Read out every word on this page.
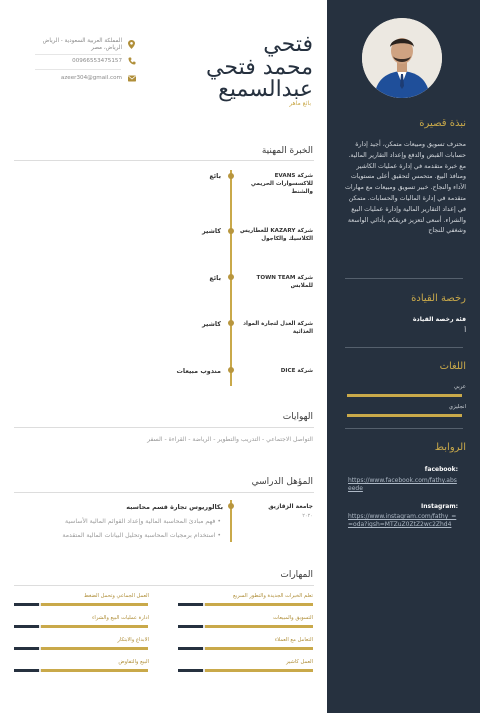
نبذة قصيرة
محترف تسويق ومبيعات متمكن، أجيد إدارة حسابات القبض والدفع وإعداد التقارير المالية. مع خبرة متقدمة في إدارة عمليات الكاشير ومنافذ البيع. متحمس لتحقيق أعلى مستويات الأداء والنجاح. خبير تسويق ومبيعات مع مهارات متقدمة في إدارة الماليات والحسابات. متمكن في إعداد التقارير المالية وإدارة عمليات البيع والشراء. أسعى لتعزيز فريقكم بأدائي الواسعة وشغفي للنجاح
رخصة القيادة
فئة رخصة القيادة
أ
اللغات
عربي
انجليزي
الروابط
facebook:
https://www.facebook.com/fathy.abseede
Instagram:
https://www.instagram.com/fathy_==oda?igsh=MTZuZ0ZtZ2wc2Zhd4
فتحي
محمد فتحي
عبدالسميع
بائع ماهر
المملكة العربية السعودية - الرياض
الرياض، مصر
00966553475157
azeer304@gmail.com
الخبرة المهنية
شركة EVANS للاكسسوارات الحريمي والشنط
بائع
شركة KAZARY للعطاريس الكلاسيك والكاجول
كاشير
شركة TOWN TEAM للملابس
بائع
شركة العدل لتجارة المواد الغذائية
كاشير
شركة DICE
مندوب مبيعات
الهوايات
التواصل الاجتماعي - التدريب والتطوير - الرياضة - القراءة - السفر
المؤهل الدراسي
جامعة الزقازيق
٢٠٢٠
بكالوريوس تجارة قسم محاسبه
• فهم مبادئ المحاسبة المالية وإعداد القوائم المالية الأساسية
• استخدام برمجيات المحاسبة وتحليل البيانات المالية المتقدمة
المهارات
العمل الجماعي وتحمل الضغط	تعلم الخبرات الجديدة والتطور السريع
ادارة عمليات البيع والشراء	التسويق والمبيعات
الابداع والابتكار	التعامل مع العملاء
البيع والتفاوض	العمل كاشير
